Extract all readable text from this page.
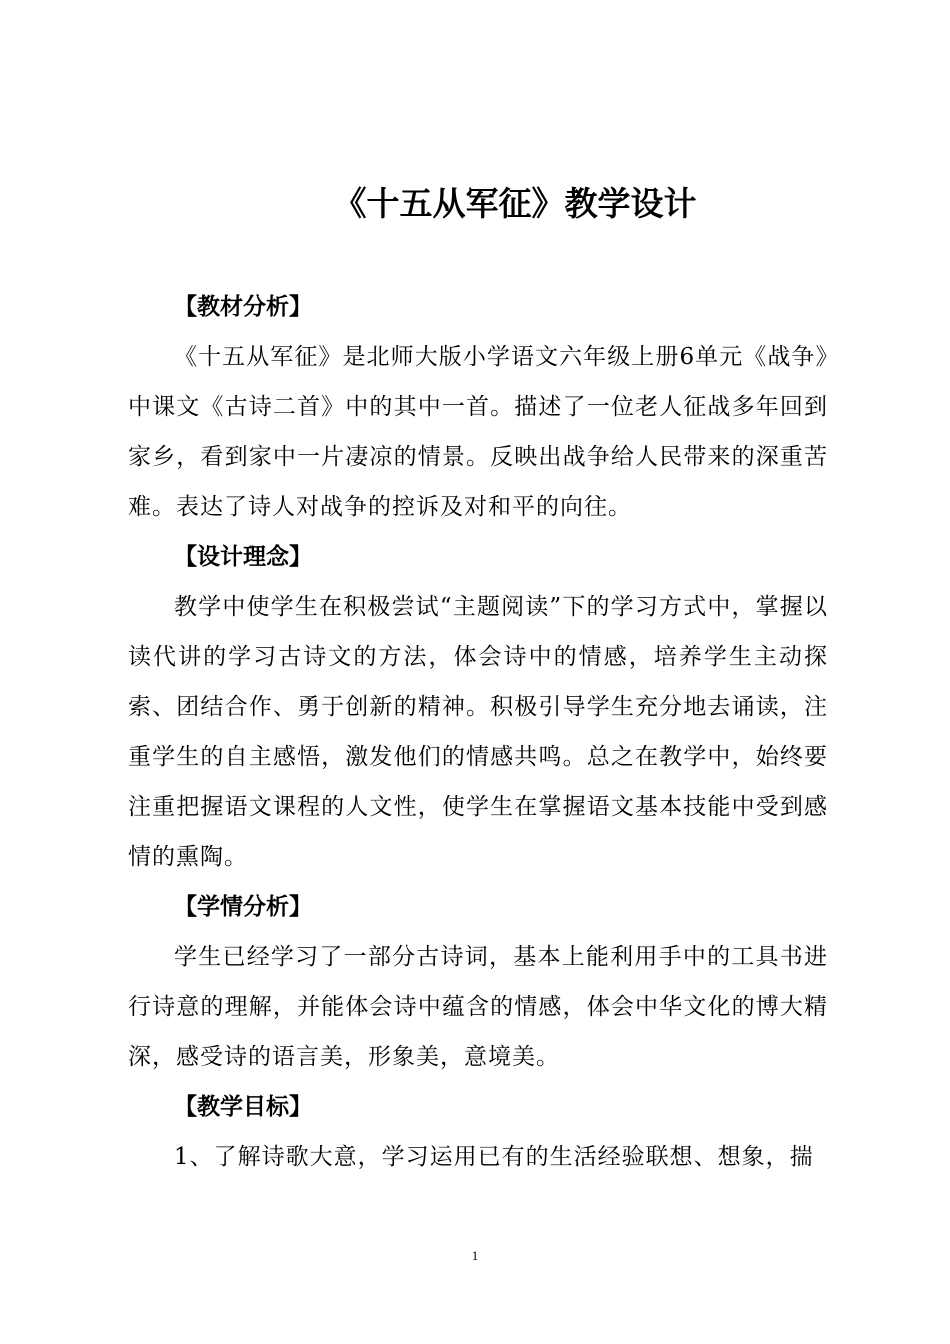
《十五从军征》教学设计

【教材分析】

《十五从军征》是北师大版小学语文六年级上册6单元《战争》中课文《古诗二首》中的其中一首。描述了一位老人征战多年回到家乡，看到家中一片凄凉的情景。反映出战争给人民带来的深重苦难。表达了诗人对战争的控诉及对和平的向往。

【设计理念】

教学中使学生在积极尝试“主题阅读”下的学习方式中，掌握以读代讲的学习古诗文的方法，体会诗中的情感，培养学生主动探索、团结合作、勇于创新的精神。积极引导学生充分地去诵读，注重学生的自主感悟，激发他们的情感共鸣。总之在教学中，始终要注重把握语文课程的人文性，使学生在掌握语文基本技能中受到感情的熏陶。

【学情分析】

学生已经学习了一部分古诗词，基本上能利用手中的工具书进行诗意的理解，并能体会诗中蕴含的情感，体会中华文化的博大精深，感受诗的语言美，形象美，意境美。

【教学目标】

1、了解诗歌大意，学习运用已有的生活经验联想、想象，揣

1
